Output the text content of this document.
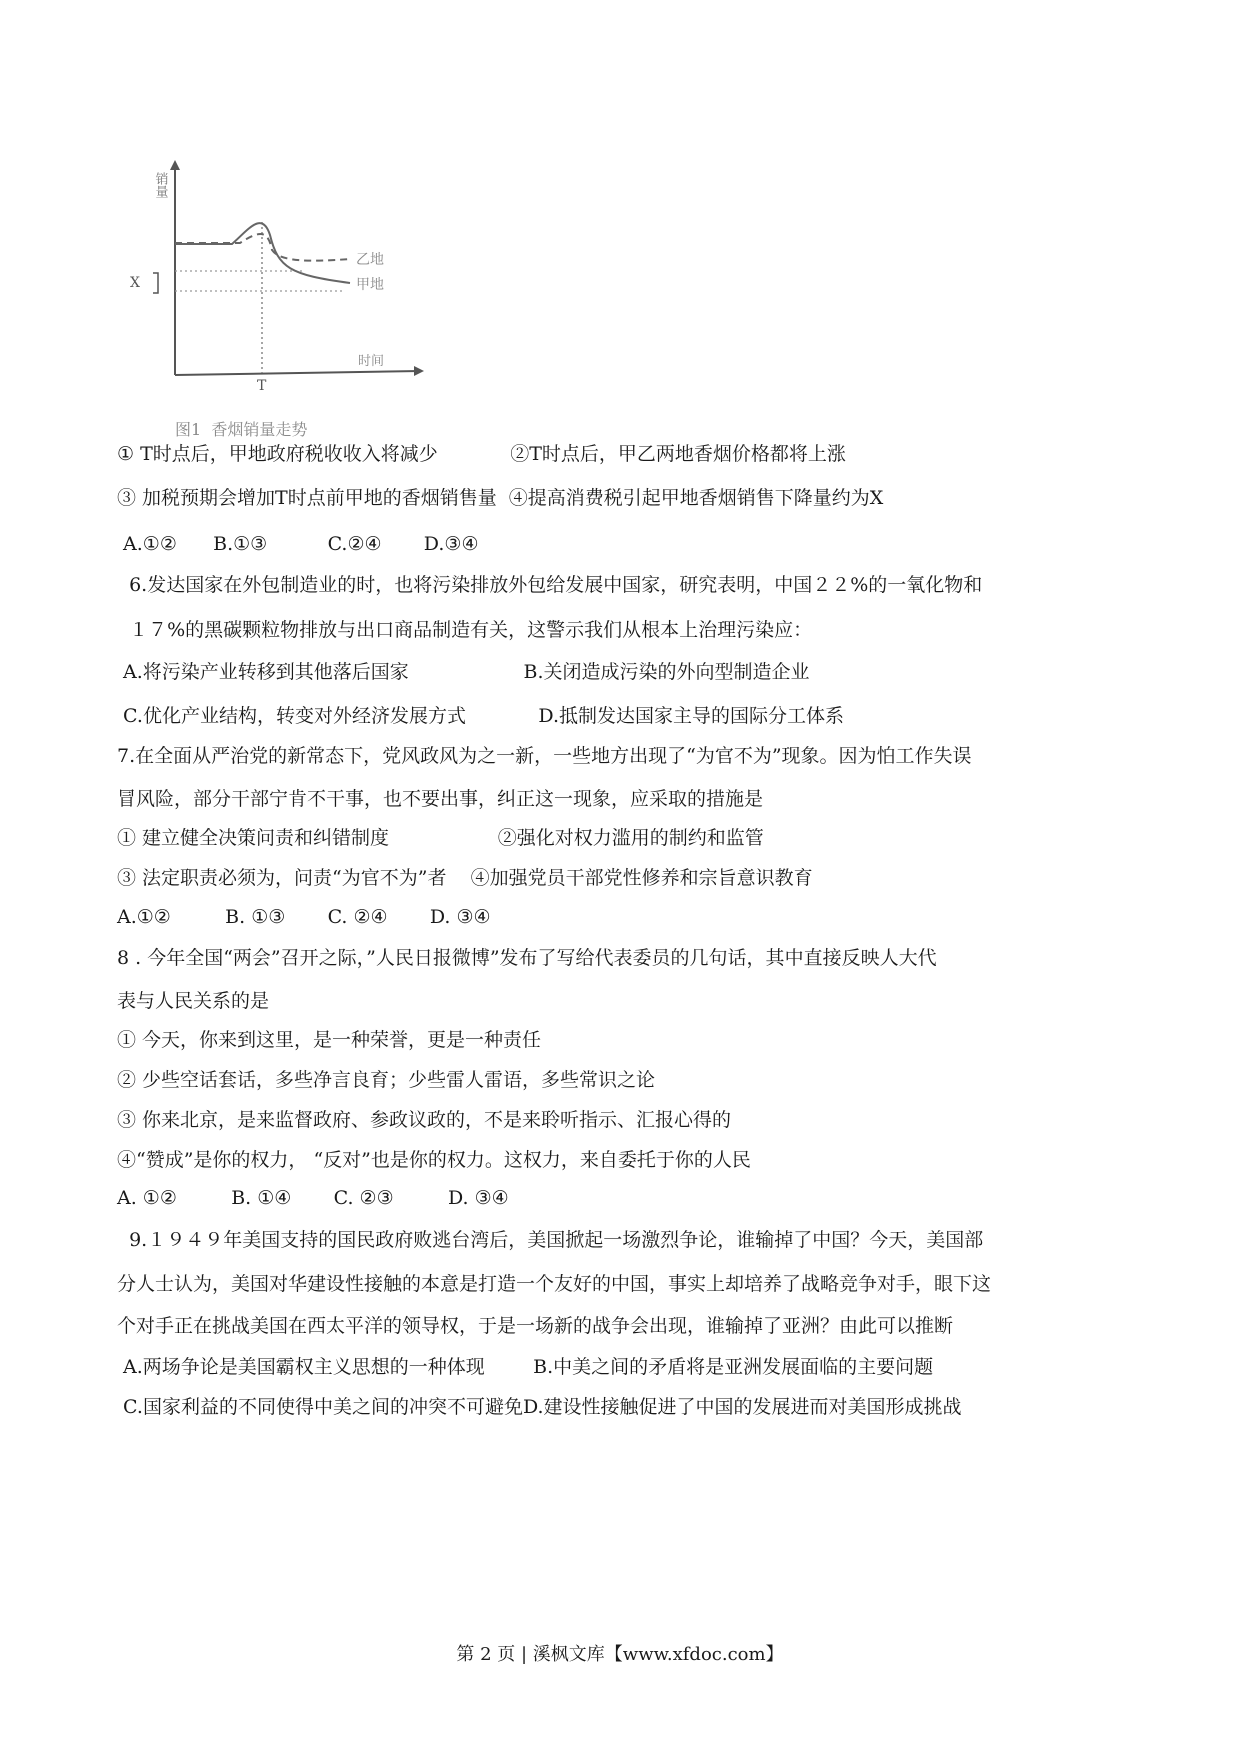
销量
时间
T
X
乙地
甲地
图1  香烟销量走势
① T时点后，甲地政府税收收入将减少            ②T时点后，甲乙两地香烟价格都将上涨
③ 加税预期会增加T时点前甲地的香烟销售量  ④提高消费税引起甲地香烟销售下降量约为X
A.①②      B.①③          C.②④       D.③④
6.发达国家在外包制造业的时，也将污染排放外包给发展中国家，研究表明，中国２２%的一氧化物和
１７%的黑碳颗粒物排放与出口商品制造有关，这警示我们从根本上治理污染应：
A.将污染产业转移到其他落后国家                   B.关闭造成污染的外向型制造企业
C.优化产业结构，转变对外经济发展方式            D.抵制发达国家主导的国际分工体系
7.在全面从严治党的新常态下，党风政风为之一新，一些地方出现了“为官不为”现象。因为怕工作失误
冒风险，部分干部宁肯不干事，也不要出事，纠正这一现象，应采取的措施是
① 建立健全决策问责和纠错制度                  ②强化对权力滥用的制约和监管
③ 法定职责必须为，问责“为官不为”者    ④加强党员干部党性修养和宗旨意识教育
A.①②         B. ①③       C. ②④       D. ③④
8 . 今年全国“两会”召开之际，”人民日报微博”发布了写给代表委员的几句话，其中直接反映人大代
表与人民关系的是
① 今天，你来到这里，是一种荣誉，更是一种责任
② 少些空话套话，多些净言良育；少些雷人雷语，多些常识之论
③ 你来北京，是来监督政府、参政议政的，不是来聆听指示、汇报心得的
④“赞成”是你的权力， “反对”也是你的权力。这权力，来自委托于你的人民
A. ①②         B. ①④       C. ②③         D. ③④
9.１９４９年美国支持的国民政府败逃台湾后，美国掀起一场激烈争论，谁输掉了中国？今天，美国部
分人士认为，美国对华建设性接触的本意是打造一个友好的中国，事实上却培养了战略竞争对手，眼下这
个对手正在挑战美国在西太平洋的领导权，于是一场新的战争会出现，谁输掉了亚洲？由此可以推断
A.两场争论是美国霸权主义思想的一种体现        B.中美之间的矛盾将是亚洲发展面临的主要问题
C.国家利益的不同使得中美之间的冲突不可避免D.建设性接触促进了中国的发展进而对美国形成挑战
第 2 页 | 溪枫文库【www.xfdoc.com】
